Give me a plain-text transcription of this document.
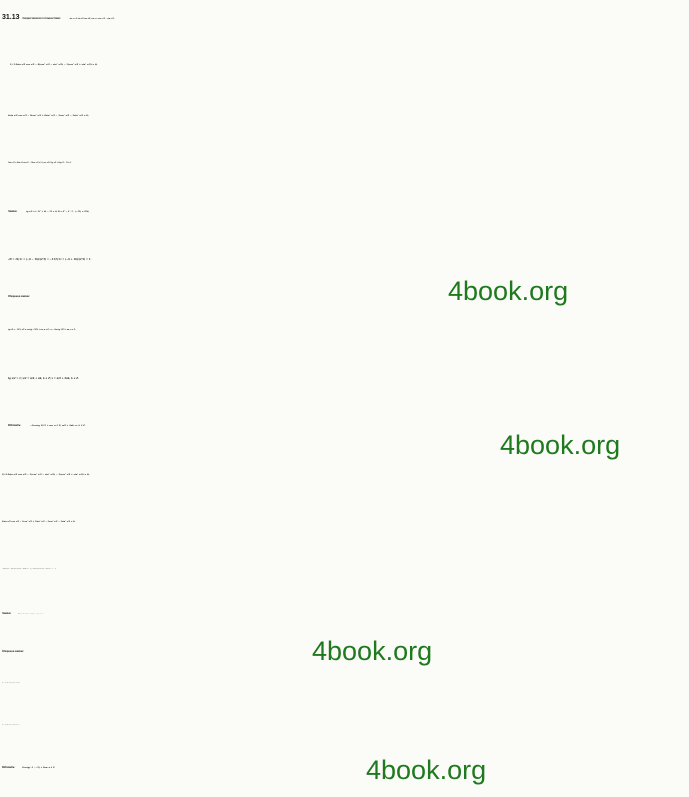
31.13 Скористаємося тотожностями:	sin x = 2 sin x/2 cos x/2; cos x = cos² x/2 − sin² x/2.
1) 3·2sin x/2 cos x/2 − 8(cos² x/2 − sin² x/2) − 3(cos² x/2 + sin² x/2) = 0;
6sin x/2 cos x/2 − 8cos² x/2 + 8sin² x/2 − 3cos² x/2 − 3sin² x/2 = 0;
5sin² x/2 + 6sin x/2 cos x/2 − 11cos² x/2 = 0 |: cos² x/2; 5tg² x/2 + 6tg x/2 − 11 = 0.
Заміна:	tg x/2 = t. 5t² + 6t − 11 = 0; D = 6² − 4 · 5 · (−11) = 256;
√D = 16; t₁ = (−6 − 16)/(2·5) = −11/5; t₂ = (−6 + 16)/(2·5) = 1.
Обернена заміна:
tg x/2 = −11/5; x/2 = arctg(−11/5) + πn, n ∈ Z; x = −2arctg 11/5 + πn, n ∈ Z;
tg x/2 = 1; x/2 = π/4 + πk, k ∈ Z; x = π/2 + 2πk, k ∈ Z.
Відповідь:	−2arctg 11/5 + πn, n ∈ Z; π/2 + 2πk, n, k ∈ Z.
2) 2·2sin x/2 cos x/2 − 5(cos² x/2 − sin² x/2) − 3(cos² x/2 + sin² x/2) = 0;
4sin x/2 cos x/2 − 5cos² x/2 + 5sin² x/2 − 3cos² x/2 − 3sin² x/2 = 0;
−8cos² x/2 + 4sin x/2 cos x/2 + 2sin² x/2 = 0 |: 2cos² x/2; tg² x/2 + 2tg x/2 − 4 = 0.
Заміна:
Обернена заміна:
Відповідь:	2arctg(−1 − √5) + 2πn, n ∈ Z.
4book.org
4book.org
4book.org
4book.org
